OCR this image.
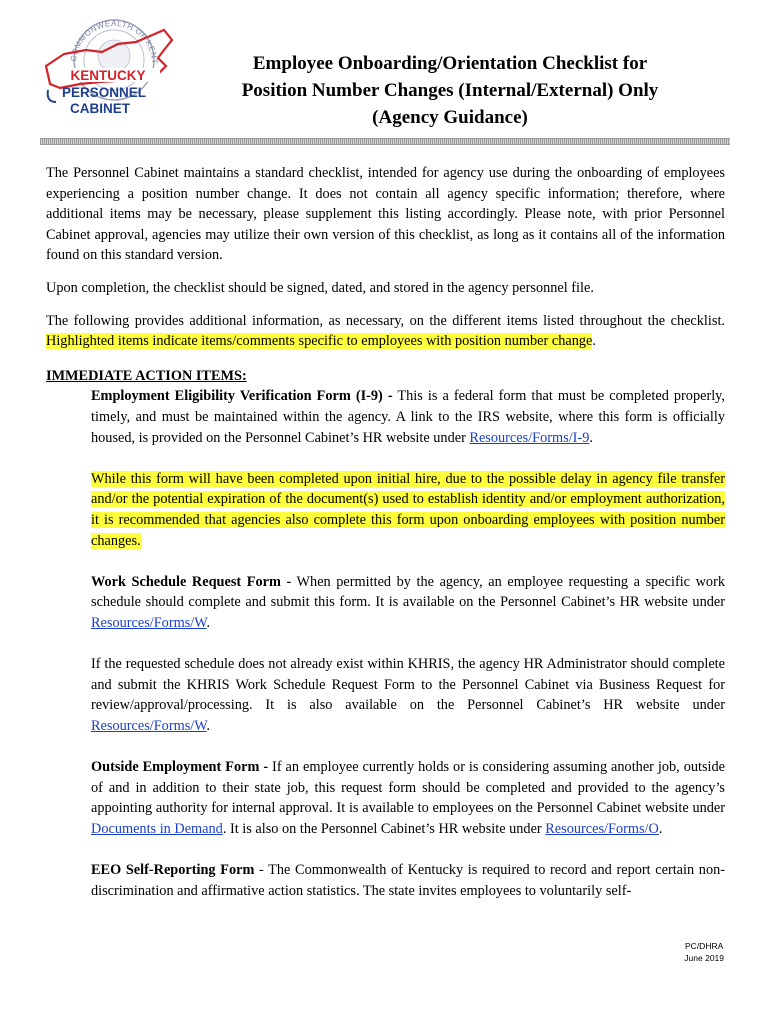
COMMONWEALTH OF KENT
KENTUCKY
PERSONNEL
CABINET
Employee Onboarding/Orientation Checklist for
Position Number Changes (Internal/External) Only
(Agency Guidance)

The Personnel Cabinet maintains a standard checklist, intended for agency use during the onboarding of employees experiencing a position number change. It does not contain all agency specific information; therefore, where additional items may be necessary, please supplement this listing accordingly. Please note, with prior Personnel Cabinet approval, agencies may utilize their own version of this checklist, as long as it contains all of the information found on this standard version.

Upon completion, the checklist should be signed, dated, and stored in the agency personnel file.

The following provides additional information, as necessary, on the different items listed throughout the checklist. Highlighted items indicate items/comments specific to employees with position number change.

IMMEDIATE ACTION ITEMS:

Employment Eligibility Verification Form (I-9) - This is a federal form that must be completed properly, timely, and must be maintained within the agency. A link to the IRS website, where this form is officially housed, is provided on the Personnel Cabinet’s HR website under Resources/Forms/I-9.

While this form will have been completed upon initial hire, due to the possible delay in agency file transfer and/or the potential expiration of the document(s) used to establish identity and/or employment authorization, it is recommended that agencies also complete this form upon onboarding employees with position number changes.

Work Schedule Request Form - When permitted by the agency, an employee requesting a specific work schedule should complete and submit this form. It is available on the Personnel Cabinet’s HR website under Resources/Forms/W.

If the requested schedule does not already exist within KHRIS, the agency HR Administrator should complete and submit the KHRIS Work Schedule Request Form to the Personnel Cabinet via Business Request for review/approval/processing. It is also available on the Personnel Cabinet’s HR website under Resources/Forms/W.

Outside Employment Form - If an employee currently holds or is considering assuming another job, outside of and in addition to their state job, this request form should be completed and provided to the agency’s appointing authority for internal approval. It is available to employees on the Personnel Cabinet website under Documents in Demand. It is also on the Personnel Cabinet’s HR website under Resources/Forms/O.

EEO Self-Reporting Form - The Commonwealth of Kentucky is required to record and report certain non-discrimination and affirmative action statistics. The state invites employees to voluntarily self-

PC/DHRA
June 2019
